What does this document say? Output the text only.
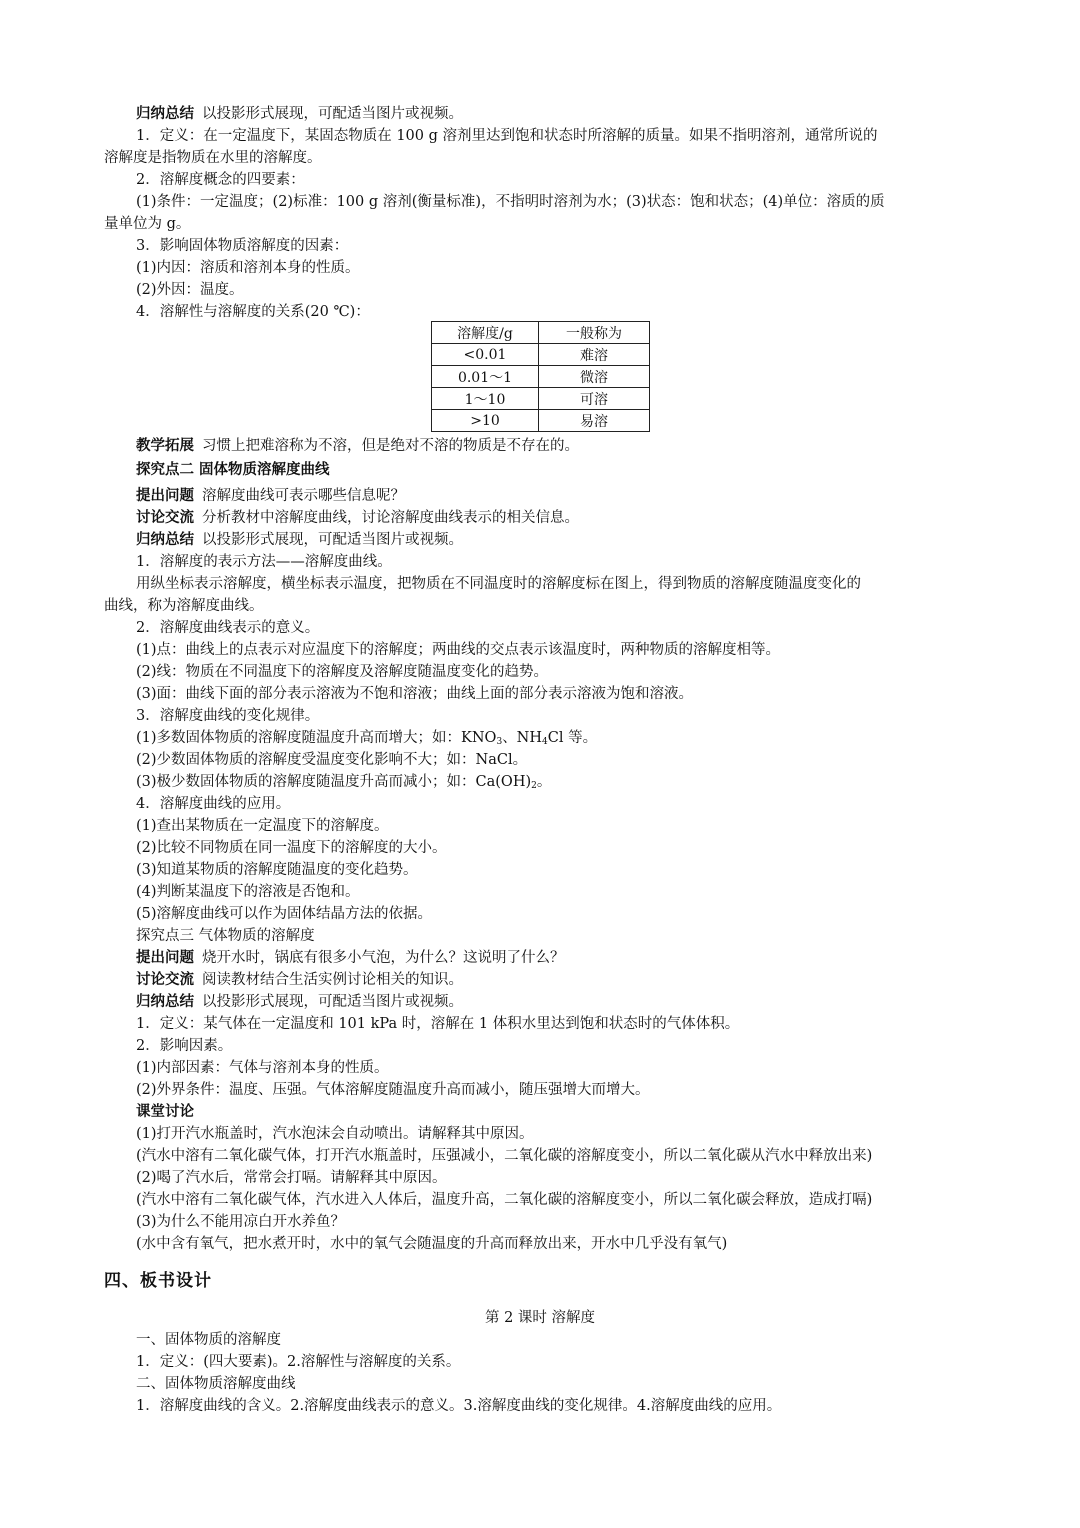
归纳总结 以投影形式展现，可配适当图片或视频。
1．定义：在一定温度下，某固态物质在 100 g 溶剂里达到饱和状态时所溶解的质量。如果不指明溶剂，通常所说的
溶解度是指物质在水里的溶解度。
2．溶解度概念的四要素：
(1)条件：一定温度；(2)标准：100 g 溶剂(衡量标准)，不指明时溶剂为水；(3)状态：饱和状态；(4)单位：溶质的质
量单位为 g。
3．影响固体物质溶解度的因素：
(1)内因：溶质和溶剂本身的性质。
(2)外因：温度。
4．溶解性与溶解度的关系(20 ℃)：
溶解度/g	一般称为
<0.01	难溶
0.01～1	微溶
1～10	可溶
>10	易溶
教学拓展 习惯上把难溶称为不溶，但是绝对不溶的物质是不存在的。
探究点二 固体物质溶解度曲线
提出问题 溶解度曲线可表示哪些信息呢？
讨论交流 分析教材中溶解度曲线，讨论溶解度曲线表示的相关信息。
归纳总结 以投影形式展现，可配适当图片或视频。
1．溶解度的表示方法——溶解度曲线。
用纵坐标表示溶解度，横坐标表示温度，把物质在不同温度时的溶解度标在图上，得到物质的溶解度随温度变化的
曲线，称为溶解度曲线。
2．溶解度曲线表示的意义。
(1)点：曲线上的点表示对应温度下的溶解度；两曲线的交点表示该温度时，两种物质的溶解度相等。
(2)线：物质在不同温度下的溶解度及溶解度随温度变化的趋势。
(3)面：曲线下面的部分表示溶液为不饱和溶液；曲线上面的部分表示溶液为饱和溶液。
3．溶解度曲线的变化规律。
(1)多数固体物质的溶解度随温度升高而增大；如：$KNO_3$、$NH_4Cl$ 等。
(2)少数固体物质的溶解度受温度变化影响不大；如：NaCl。
(3)极少数固体物质的溶解度随温度升高而减小；如：$Ca(OH)_2$。
4．溶解度曲线的应用。
(1)查出某物质在一定温度下的溶解度。
(2)比较不同物质在同一温度下的溶解度的大小。
(3)知道某物质的溶解度随温度的变化趋势。
(4)判断某温度下的溶液是否饱和。
(5)溶解度曲线可以作为固体结晶方法的依据。
探究点三 气体物质的溶解度
提出问题 烧开水时，锅底有很多小气泡，为什么？这说明了什么？
讨论交流 阅读教材结合生活实例讨论相关的知识。
归纳总结 以投影形式展现，可配适当图片或视频。
1．定义：某气体在一定温度和 101 kPa 时，溶解在 1 体积水里达到饱和状态时的气体体积。
2．影响因素。
(1)内部因素：气体与溶剂本身的性质。
(2)外界条件：温度、压强。气体溶解度随温度升高而减小，随压强增大而增大。
课堂讨论
(1)打开汽水瓶盖时，汽水泡沫会自动喷出。请解释其中原因。
(汽水中溶有二氧化碳气体，打开汽水瓶盖时，压强减小，二氧化碳的溶解度变小，所以二氧化碳从汽水中释放出来)
(2)喝了汽水后，常常会打嗝。请解释其中原因。
(汽水中溶有二氧化碳气体，汽水进入人体后，温度升高，二氧化碳的溶解度变小，所以二氧化碳会释放，造成打嗝)
(3)为什么不能用凉白开水养鱼？
(水中含有氧气，把水煮开时，水中的氧气会随温度的升高而释放出来，开水中几乎没有氧气)
四、板书设计
第 2 课时 溶解度
一、固体物质的溶解度
1．定义：(四大要素)。2.溶解性与溶解度的关系。
二、固体物质溶解度曲线
1．溶解度曲线的含义。2.溶解度曲线表示的意义。3.溶解度曲线的变化规律。4.溶解度曲线的应用。
